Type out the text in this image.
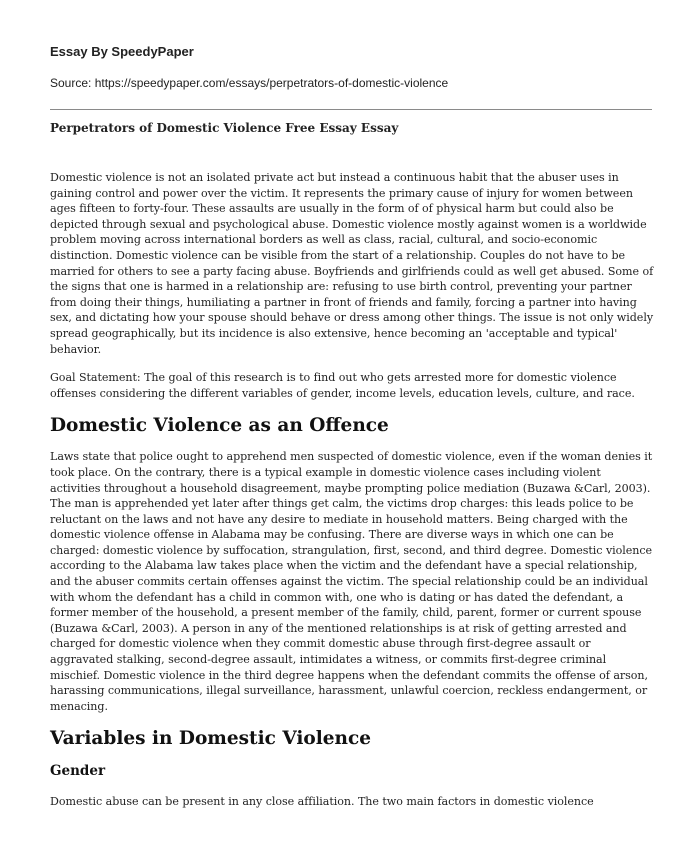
Essay By SpeedyPaper
Source: https://speedypaper.com/essays/perpetrators-of-domestic-violence
Perpetrators of Domestic Violence Free Essay Essay

Domestic violence is not an isolated private act but instead a continuous habit that the abuser uses in gaining control and power over the victim. It represents the primary cause of injury for women between ages fifteen to forty-four. These assaults are usually in the form of of physical harm but could also be depicted through sexual and psychological abuse. Domestic violence mostly against women is a worldwide problem moving across international borders as well as class, racial, cultural, and socio-economic distinction. Domestic violence can be visible from the start of a relationship. Couples do not have to be married for others to see a party facing abuse. Boyfriends and girlfriends could as well get abused. Some of the signs that one is harmed in a relationship are: refusing to use birth control, preventing your partner from doing their things, humiliating a partner in front of friends and family, forcing a partner into having sex, and dictating how your spouse should behave or dress among other things. The issue is not only widely spread geographically, but its incidence is also extensive, hence becoming an 'acceptable and typical' behavior.

Goal Statement: The goal of this research is to find out who gets arrested more for domestic violence offenses considering the different variables of gender, income levels, education levels, culture, and race.

Domestic Violence as an Offence

Laws state that police ought to apprehend men suspected of domestic violence, even if the woman denies it took place. On the contrary, there is a typical example in domestic violence cases including violent activities throughout a household disagreement, maybe prompting police mediation (Buzawa &Carl, 2003). The man is apprehended yet later after things get calm, the victims drop charges: this leads police to be reluctant on the laws and not have any desire to mediate in household matters. Being charged with the domestic violence offense in Alabama may be confusing. There are diverse ways in which one can be charged: domestic violence by suffocation, strangulation, first, second, and third degree. Domestic violence according to the Alabama law takes place when the victim and the defendant have a special relationship, and the abuser commits certain offenses against the victim. The special relationship could be an individual with whom the defendant has a child in common with, one who is dating or has dated the defendant, a former member of the household, a present member of the family, child, parent, former or current spouse (Buzawa &Carl, 2003). A person in any of the mentioned relationships is at risk of getting arrested and charged for domestic violence when they commit domestic abuse through first-degree assault or aggravated stalking, second-degree assault, intimidates a witness, or commits first-degree criminal mischief. Domestic violence in the third degree happens when the defendant commits the offense of arson, harassing communications, illegal surveillance, harassment, unlawful coercion, reckless endangerment, or menacing.

Variables in Domestic Violence
Gender

Domestic abuse can be present in any close affiliation. The two main factors in domestic violence
